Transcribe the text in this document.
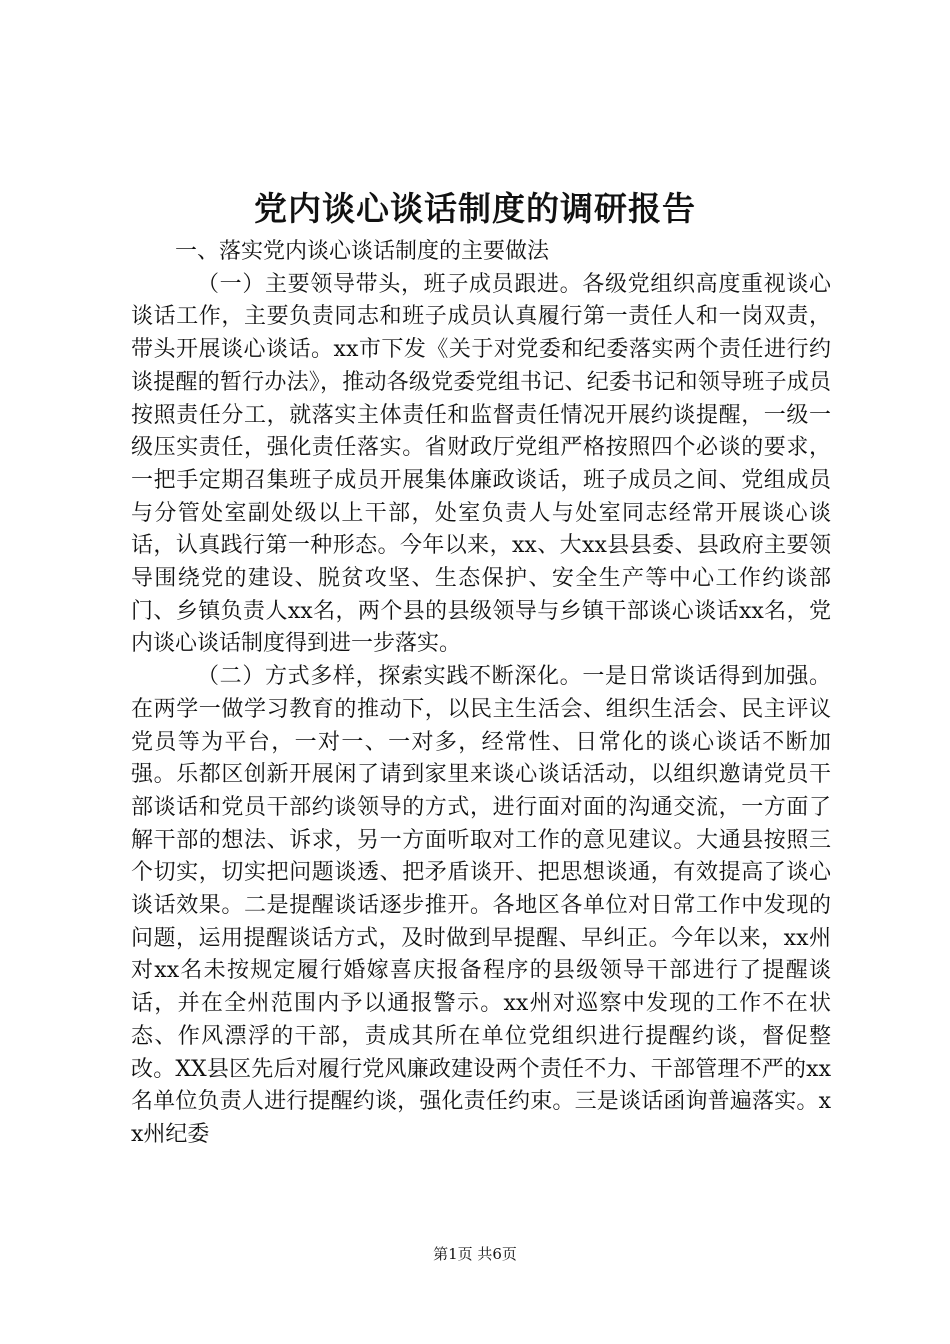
党内谈心谈话制度的调研报告

一、落实党内谈心谈话制度的主要做法

（一）主要领导带头，班子成员跟进。各级党组织高度重视谈心谈话工作，主要负责同志和班子成员认真履行第一责任人和一岗双责，带头开展谈心谈话。xx市下发《关于对党委和纪委落实两个责任进行约谈提醒的暂行办法》，推动各级党委党组书记、纪委书记和领导班子成员按照责任分工，就落实主体责任和监督责任情况开展约谈提醒，一级一级压实责任，强化责任落实。省财政厅党组严格按照四个必谈的要求，一把手定期召集班子成员开展集体廉政谈话，班子成员之间、党组成员与分管处室副处级以上干部，处室负责人与处室同志经常开展谈心谈话，认真践行第一种形态。今年以来，xx、大xx县县委、县政府主要领导围绕党的建设、脱贫攻坚、生态保护、安全生产等中心工作约谈部门、乡镇负责人xx名，两个县的县级领导与乡镇干部谈心谈话xx名，党内谈心谈话制度得到进一步落实。

（二）方式多样，探索实践不断深化。一是日常谈话得到加强。在两学一做学习教育的推动下，以民主生活会、组织生活会、民主评议党员等为平台，一对一、一对多，经常性、日常化的谈心谈话不断加强。乐都区创新开展闲了请到家里来谈心谈话活动，以组织邀请党员干部谈话和党员干部约谈领导的方式，进行面对面的沟通交流，一方面了解干部的想法、诉求，另一方面听取对工作的意见建议。大通县按照三个切实，切实把问题谈透、把矛盾谈开、把思想谈通，有效提高了谈心谈话效果。二是提醒谈话逐步推开。各地区各单位对日常工作中发现的问题，运用提醒谈话方式，及时做到早提醒、早纠正。今年以来，xx州对xx名未按规定履行婚嫁喜庆报备程序的县级领导干部进行了提醒谈话，并在全州范围内予以通报警示。xx州对巡察中发现的工作不在状态、作风漂浮的干部，责成其所在单位党组织进行提醒约谈，督促整改。XX县区先后对履行党风廉政建设两个责任不力、干部管理不严的xx名单位负责人进行提醒约谈，强化责任约束。三是谈话函询普遍落实。xx州纪委

第1页 共6页
